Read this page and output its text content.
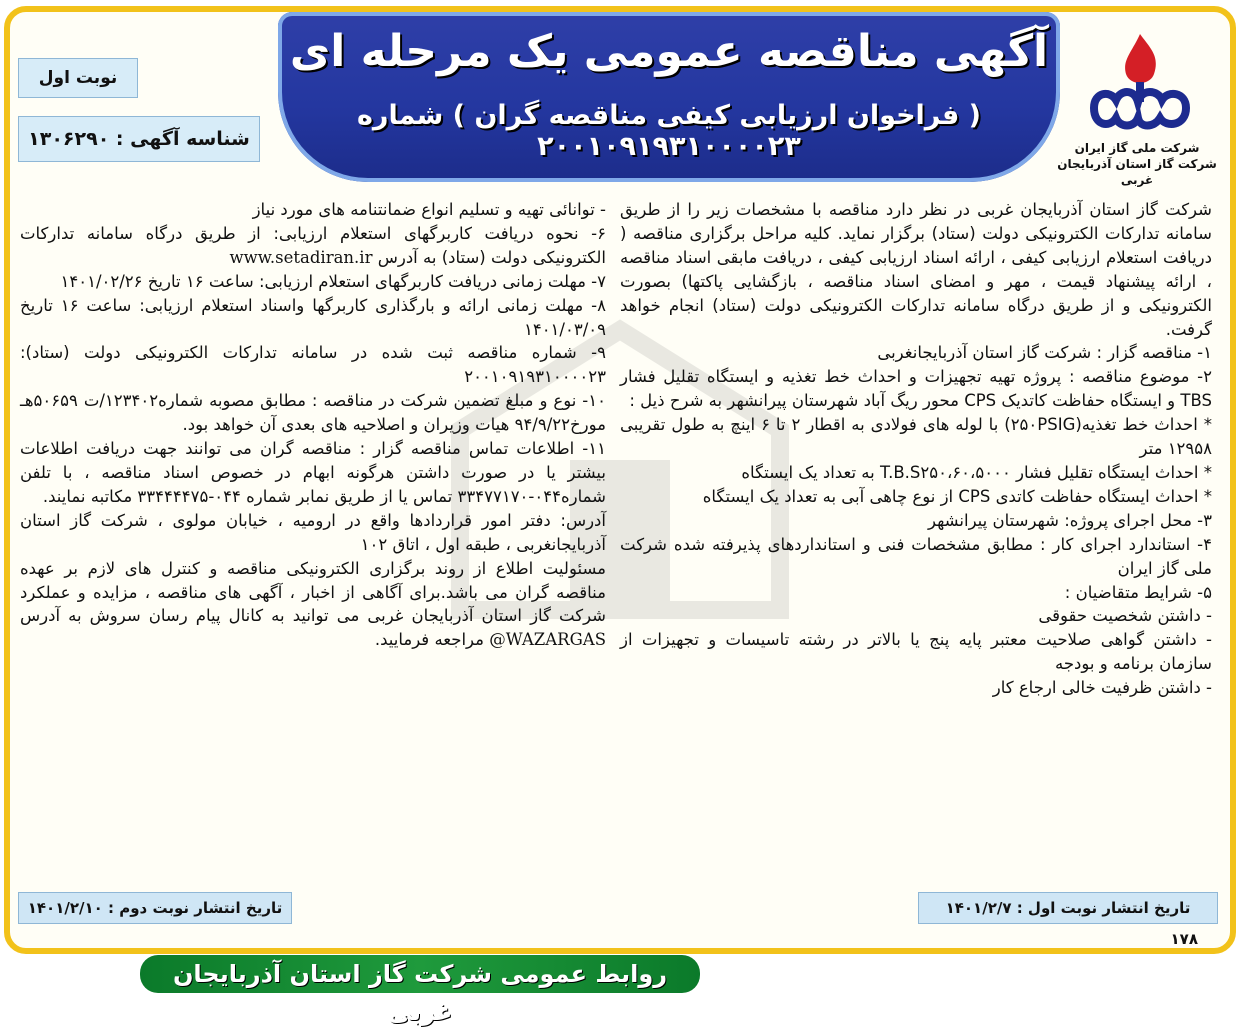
آگهی مناقصه عمومی یک مرحله ای
( فراخوان ارزیابی کیفی مناقصه گران ) شماره ۲۰۰۱۰۹۱۹۳۱۰۰۰۰۲۳	شرکت ملی گاز ایران
شرکت گاز استان آذربایجان غربی
نوبت اول
شناسه آگهی : ۱۳۰۶۲۹۰

شرکت گاز استان آذربایجان غربی در نظر دارد مناقصه با مشخصات زیر را از طریق سامانه تدارکات الکترونیکی دولت (ستاد) برگزار نماید. کلیه مراحل برگزاری مناقصه ( دریافت استعلام ارزیابی کیفی ، ارائه اسناد ارزیابی کیفی ، دریافت مابقی اسناد مناقصه ، ارائه پیشنهاد قیمت ، مهر و امضای اسناد مناقصه ، بازگشایی پاکتها) بصورت الکترونیکی و از طریق درگاه سامانه تدارکات الکترونیکی دولت (ستاد) انجام خواهد گرفت.

۱- مناقصه گزار : شرکت گاز استان آذربایجانغربی

۲- موضوع مناقصه : پروژه تهیه تجهیزات و احداث خط تغذیه و ایستگاه تقلیل فشار TBS و ایستگاه حفاظت کاتدیک CPS محور ریگ آباد شهرستان پیرانشهر به شرح ذیل :

* احداث خط تغذیه(۲۵۰PSIG) با لوله های فولادی به اقطار ۲ تا ۶ اینچ به طول تقریبی ۱۲۹۵۸ متر

* احداث ایستگاه تقلیل فشار T.B.S۲۵۰،۶۰،۵۰۰۰ به تعداد یک ایستگاه

* احداث ایستگاه حفاظت کاتدی CPS از نوع چاهی آبی به تعداد یک ایستگاه

۳- محل اجرای پروژه: شهرستان پیرانشهر

۴- استاندارد اجرای کار : مطابق مشخصات فنی و استانداردهای پذیرفته شده شرکت ملی گاز ایران

۵- شرایط متقاضیان :

- داشتن شخصیت حقوقی

- داشتن گواهی صلاحیت معتبر پایه پنج یا بالاتر در رشته تاسیسات و تجهیزات از سازمان برنامه و بودجه

- داشتن ظرفیت خالی ارجاع کار

- توانائی تهیه و تسلیم انواع ضمانتنامه های مورد نیاز

۶- نحوه دریافت کاربرگهای استعلام ارزیابی: از طریق درگاه سامانه تدارکات الکترونیکی دولت (ستاد) به آدرس www.setadiran.ir

۷- مهلت زمانی دریافت کاربرگهای استعلام ارزیابی: ساعت ۱۶ تاریخ ۱۴۰۱/۰۲/۲۶

۸- مهلت زمانی ارائه و بارگذاری کاربرگها واسناد استعلام ارزیابی: ساعت ۱۶ تاریخ ۱۴۰۱/۰۳/۰۹

۹- شماره مناقصه ثبت شده در سامانه تدارکات الکترونیکی دولت (ستاد): ۲۰۰۱۰۹۱۹۳۱۰۰۰۰۲۳

۱۰- نوع و مبلغ تضمین شرکت در مناقصه : مطابق مصوبه شماره۱۲۳۴۰۲/ت ۵۰۶۵۹هـ مورخ۹۴/۹/۲۲ هیات وزیران و اصلاحیه های بعدی آن خواهد بود.

۱۱- اطلاعات تماس مناقصه گزار : مناقصه گران می توانند جهت دریافت اطلاعات بیشتر یا در صورت داشتن هرگونه ابهام در خصوص اسناد مناقصه ، با تلفن شماره۰۴۴-۳۳۴۷۷۱۷۰ تماس یا از طریق نمابر شماره ۰۴۴-۳۳۴۴۴۴۷۵ مکاتبه نمایند.

آدرس: دفتر امور قراردادها واقع در ارومیه ، خیابان مولوی ، شرکت گاز استان آذربایجانغربی ، طبقه اول ، اتاق ۱۰۲

مسئولیت اطلاع از روند برگزاری الکترونیکی مناقصه و کنترل های لازم بر عهده مناقصه گران می باشد.برای آگاهی از اخبار ، آگهی های مناقصه ، مزایده و عملکرد شرکت گاز استان آذربایجان غربی می توانید به کانال پیام رسان سروش به آدرس WAZARGAS@ مراجعه فرمایید.

تاریخ انتشار نوبت اول : ۱۴۰۱/۲/۷
تاریخ انتشار نوبت دوم : ۱۴۰۱/۲/۱۰
۱۷۸
روابط عمومی شرکت گاز استان آذربایجان غربی
